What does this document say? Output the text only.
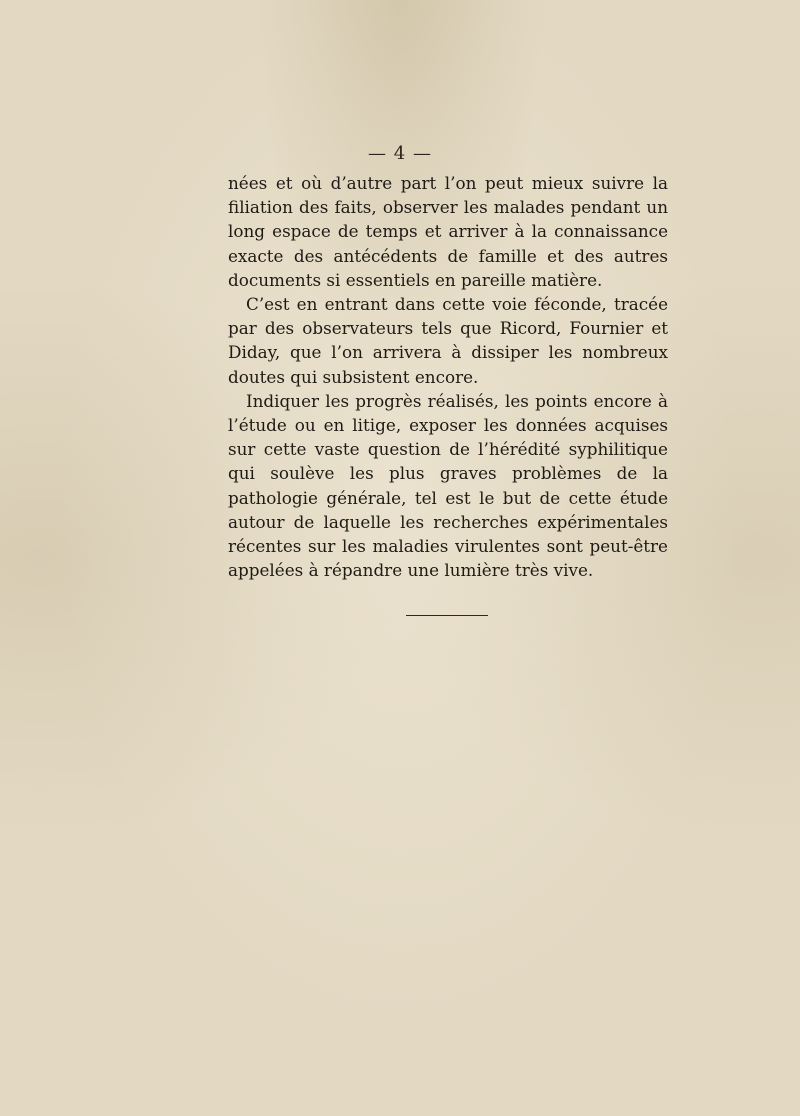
— 4 —

nées et où d’autre part l’on peut mieux suivre la filiation des faits, observer les malades pendant un long espace de temps et arriver à la connaissance exacte des antécédents de famille et des autres documents si essentiels en pareille matière.

C’est en entrant dans cette voie féconde, tracée par des observateurs tels que Ricord, Fournier et Diday, que l’on arrivera à dissiper les nombreux doutes qui subsistent encore.

Indiquer les progrès réalisés, les points encore à l’étude ou en litige, exposer les données acquises sur cette vaste question de l’hérédité syphilitique qui soulève les plus graves problèmes de la pathologie générale, tel est le but de cette étude autour de laquelle les recherches expérimentales récentes sur les maladies virulentes sont peut-être appelées à répandre une lumière très vive.
